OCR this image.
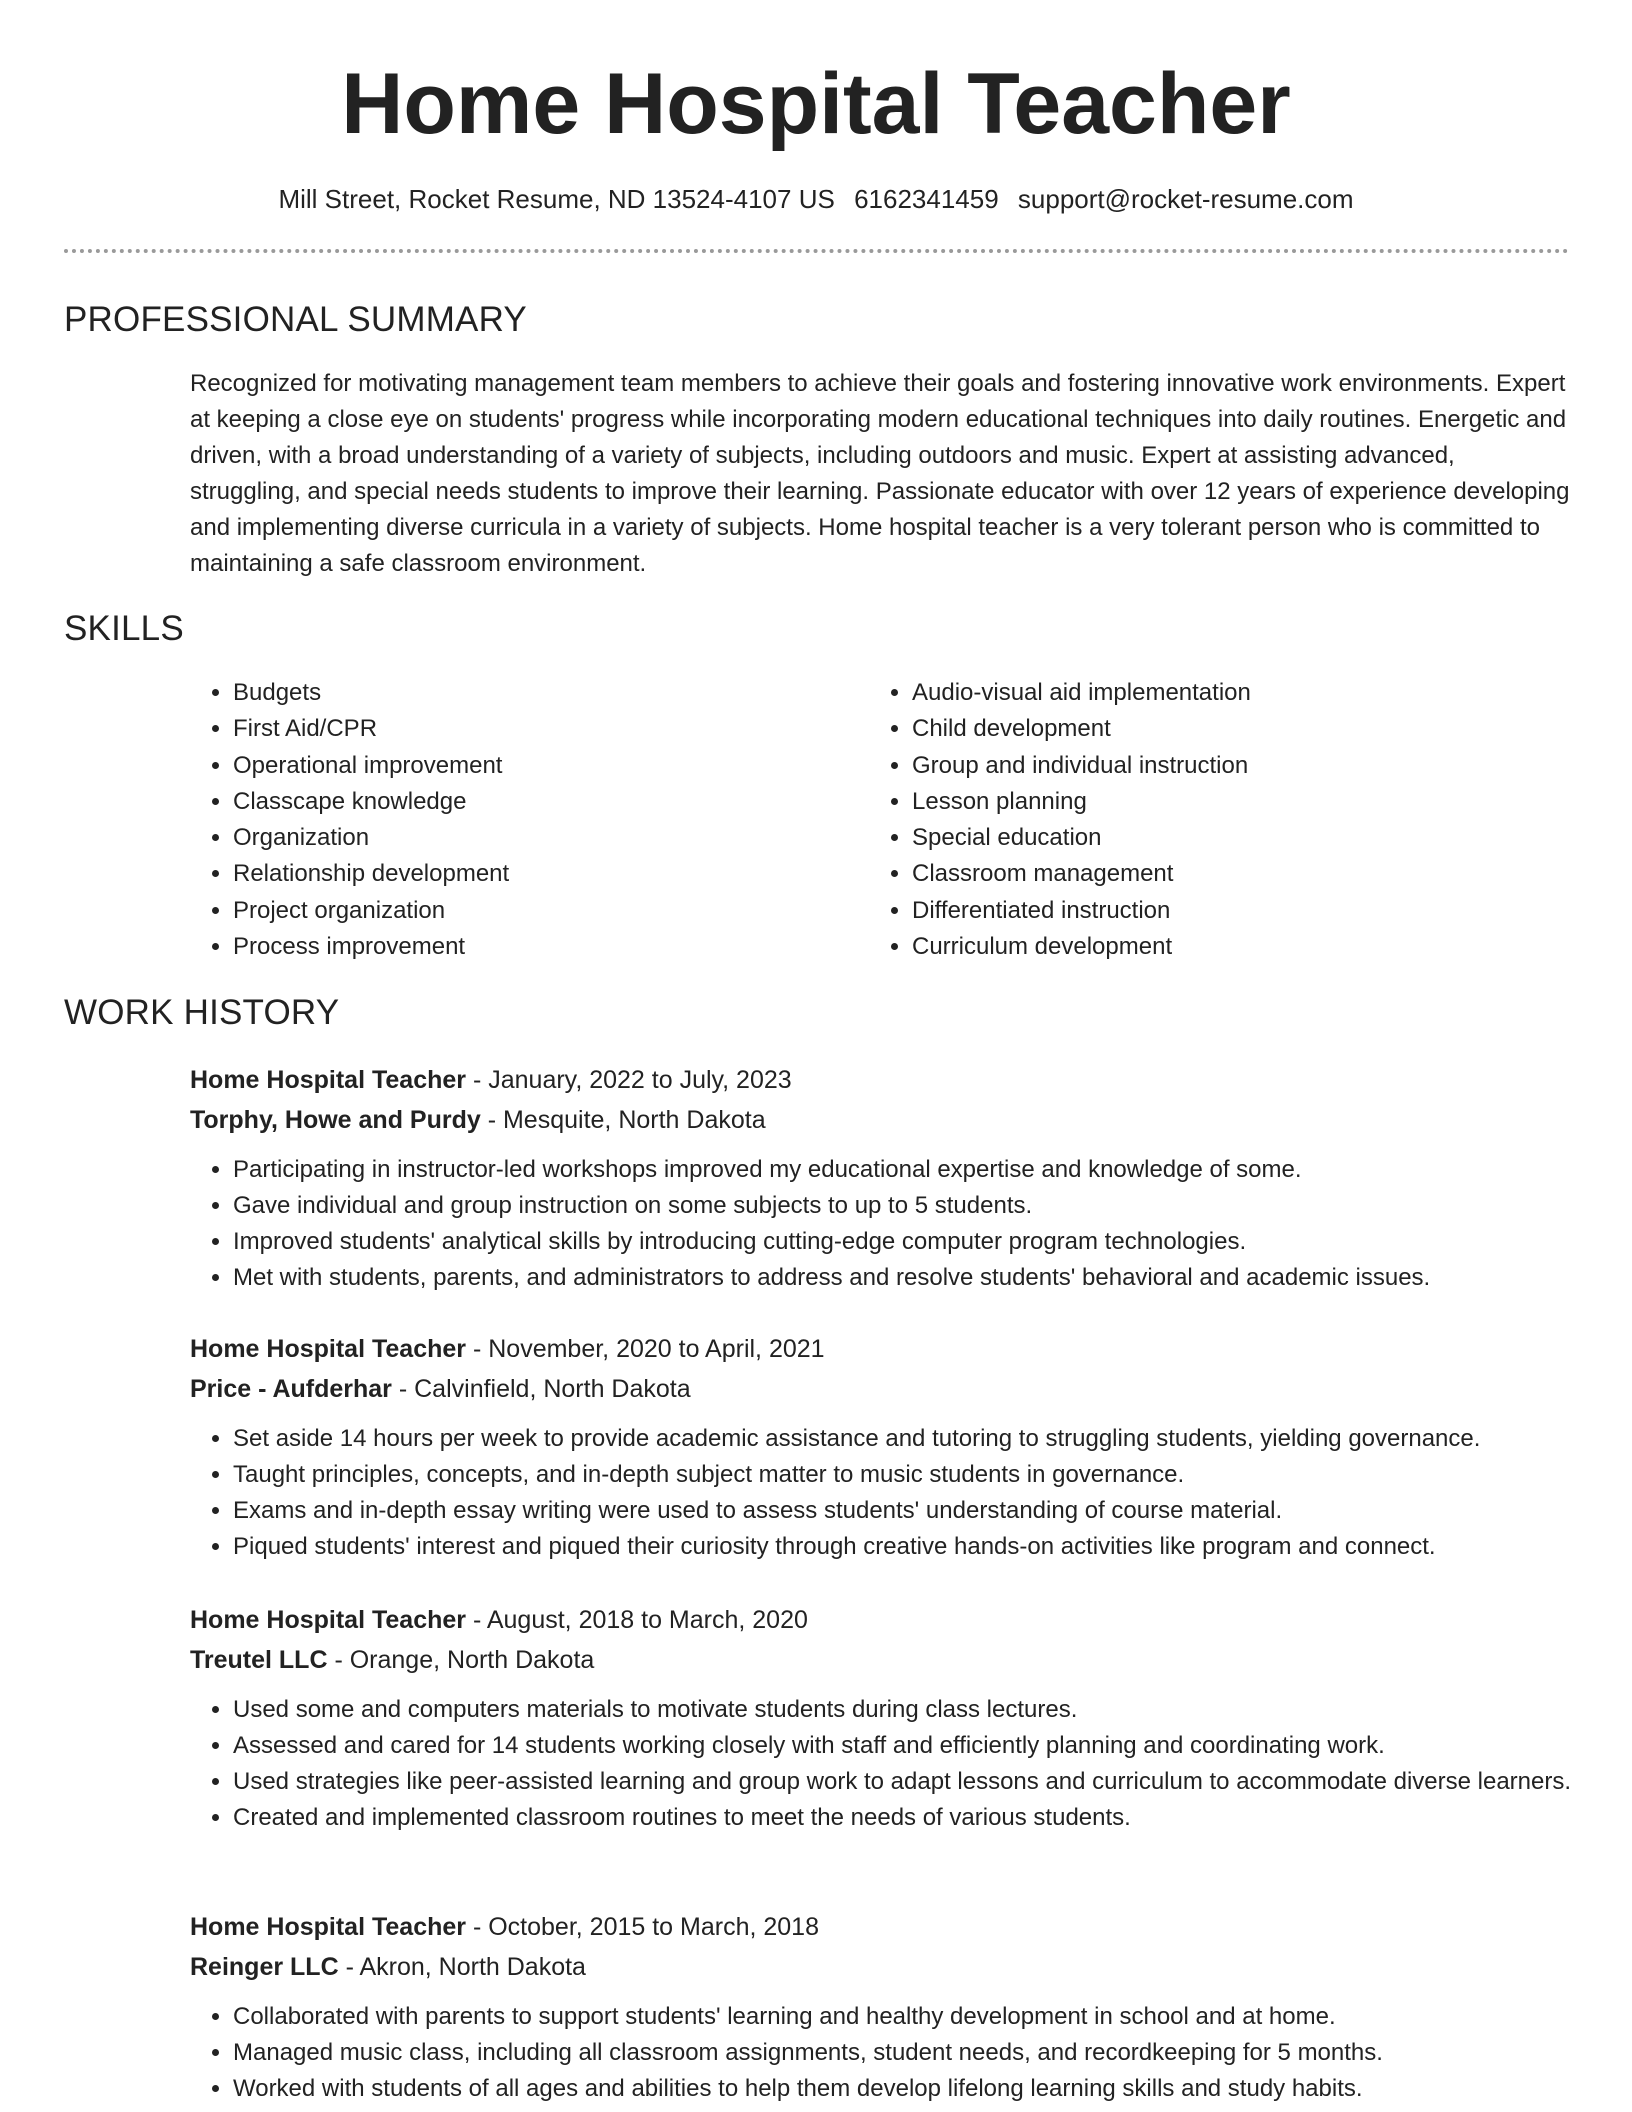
Home Hospital Teacher
Mill Street, Rocket Resume, ND 13524-4107 US 6162341459 support@rocket-resume.com
PROFESSIONAL SUMMARY

Recognized for motivating management team members to achieve their goals and fostering innovative work environments. Expert at keeping a close eye on students' progress while incorporating modern educational techniques into daily routines. Energetic and driven, with a broad understanding of a variety of subjects, including outdoors and music. Expert at assisting advanced, struggling, and special needs students to improve their learning. Passionate educator with over 12 years of experience developing and implementing diverse curricula in a variety of subjects. Home hospital teacher is a very tolerant person who is committed to maintaining a safe classroom environment.

SKILLS
• Budgets
• First Aid/CPR
• Operational improvement
• Classcape knowledge
• Organization
• Relationship development
• Project organization
• Process improvement
• Audio-visual aid implementation
• Child development
• Group and individual instruction
• Lesson planning
• Special education
• Classroom management
• Differentiated instruction
• Curriculum development
WORK HISTORY
Home Hospital Teacher - January, 2022 to July, 2023
Torphy, Howe and Purdy - Mesquite, North Dakota
• Participating in instructor-led workshops improved my educational expertise and knowledge of some.
• Gave individual and group instruction on some subjects to up to 5 students.
• Improved students' analytical skills by introducing cutting-edge computer program technologies.
• Met with students, parents, and administrators to address and resolve students' behavioral and academic issues.
Home Hospital Teacher - November, 2020 to April, 2021
Price - Aufderhar - Calvinfield, North Dakota
• Set aside 14 hours per week to provide academic assistance and tutoring to struggling students, yielding governance.
• Taught principles, concepts, and in-depth subject matter to music students in governance.
• Exams and in-depth essay writing were used to assess students' understanding of course material.
• Piqued students' interest and piqued their curiosity through creative hands-on activities like program and connect.
Home Hospital Teacher - August, 2018 to March, 2020
Treutel LLC - Orange, North Dakota
• Used some and computers materials to motivate students during class lectures.
• Assessed and cared for 14 students working closely with staff and efficiently planning and coordinating work.
• Used strategies like peer-assisted learning and group work to adapt lessons and curriculum to accommodate diverse learners.
• Created and implemented classroom routines to meet the needs of various students.
Home Hospital Teacher - October, 2015 to March, 2018
Reinger LLC - Akron, North Dakota
• Collaborated with parents to support students' learning and healthy development in school and at home.
• Managed music class, including all classroom assignments, student needs, and recordkeeping for 5 months.
• Worked with students of all ages and abilities to help them develop lifelong learning skills and study habits.
